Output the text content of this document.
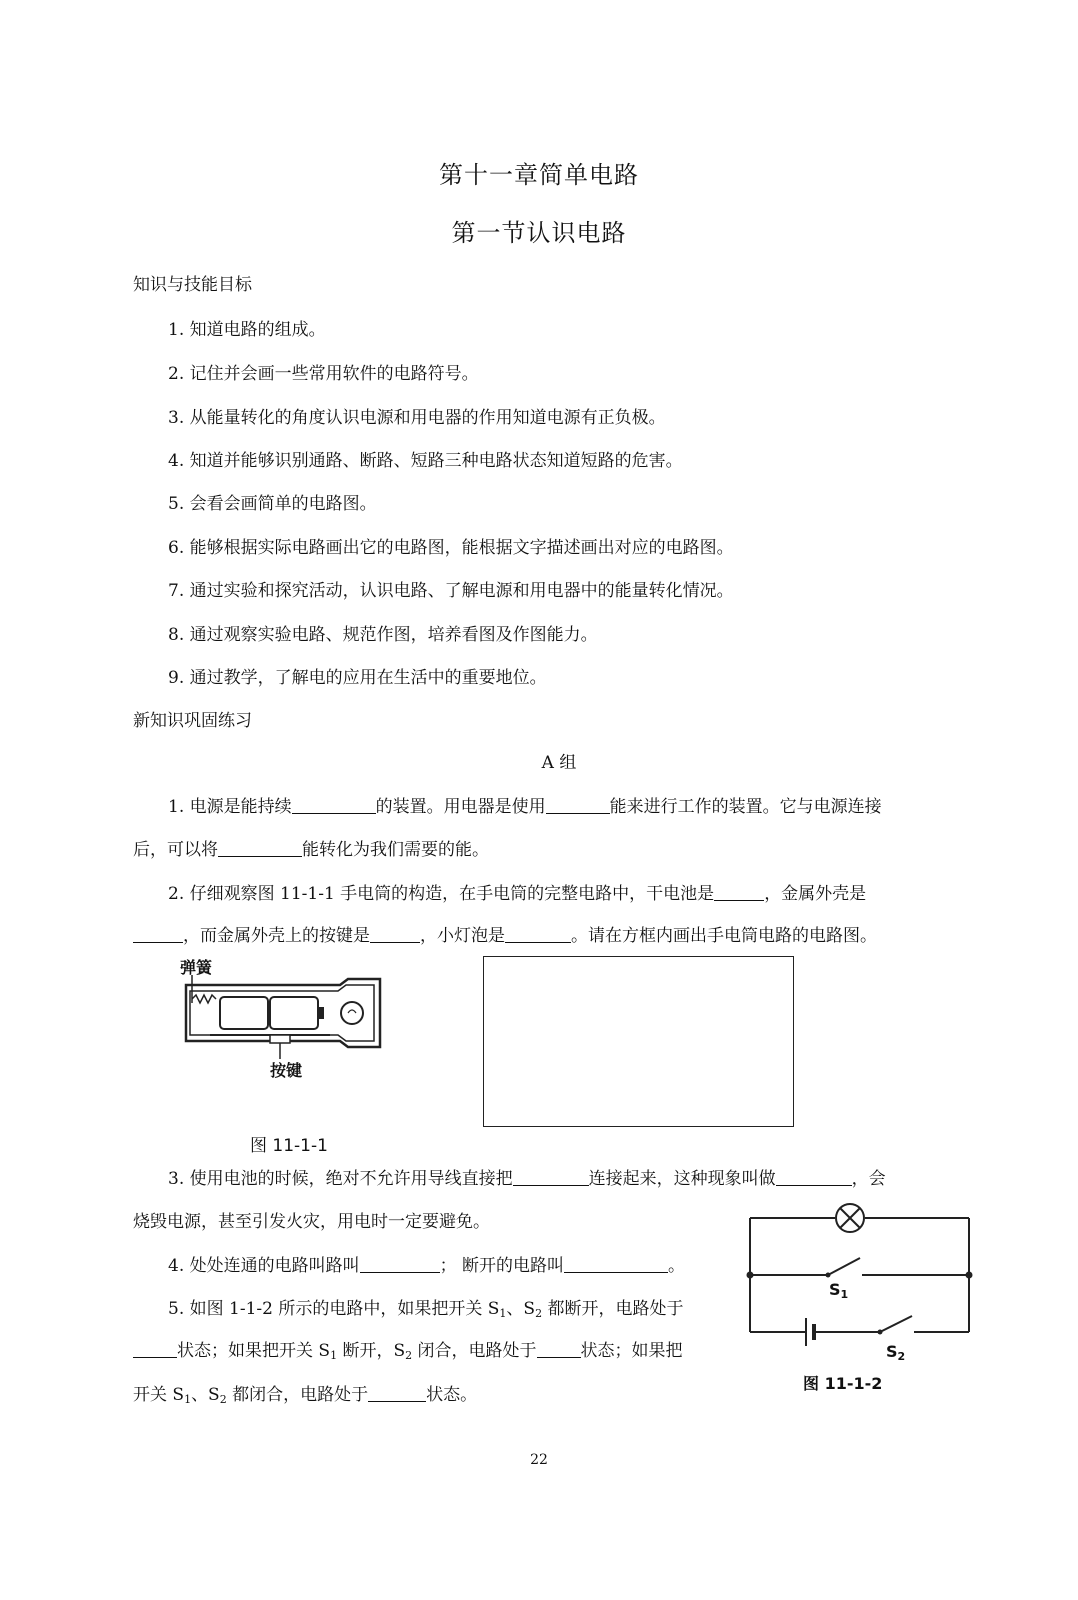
第十一章简单电路
第一节认识电路
知识与技能目标
1. 知道电路的组成。
2. 记住并会画一些常用软件的电路符号。
3. 从能量转化的角度认识电源和用电器的作用知道电源有正负极。
4. 知道并能够识别通路、断路、短路三种电路状态知道短路的危害。
5. 会看会画简单的电路图。
6. 能够根据实际电路画出它的电路图，能根据文字描述画出对应的电路图。
7. 通过实验和探究活动，认识电路、了解电源和用电器中的能量转化情况。
8. 通过观察实验电路、规范作图，培养看图及作图能力。
9. 通过教学，了解电的应用在生活中的重要地位。
新知识巩固练习
A 组
1. 电源是能持续	的装置。用电器是使用	能来进行工作的装置。它与电源连接
后，可以将	能转化为我们需要的能。
2. 仔细观察图 11-1-1 手电筒的构造，在手电筒的完整电路中，干电池是	，金属外壳是
，而金属外壳上的按键是	，小灯泡是	。请在方框内画出手电筒电路的电路图。
弹簧
按键
图 11-1-1
3. 使用电池的时候，绝对不允许用导线直接把	连接起来，这种现象叫做	，会
烧毁电源，甚至引发火灾，用电时一定要避免。
4. 处处连通的电路叫路叫	； 断开的电路叫	。
5. 如图 1-1-2 所示的电路中，如果把开关 $S_1$、$S_2$ 都断开，电路处于
状态；如果把开关 $S_1$ 断开，$S_2$ 闭合，电路处于	状态；如果把
开关 $S_1$、$S_2$ 都闭合，电路处于	状态。
$S_1$
$S_2$
图 11-1-2
22
